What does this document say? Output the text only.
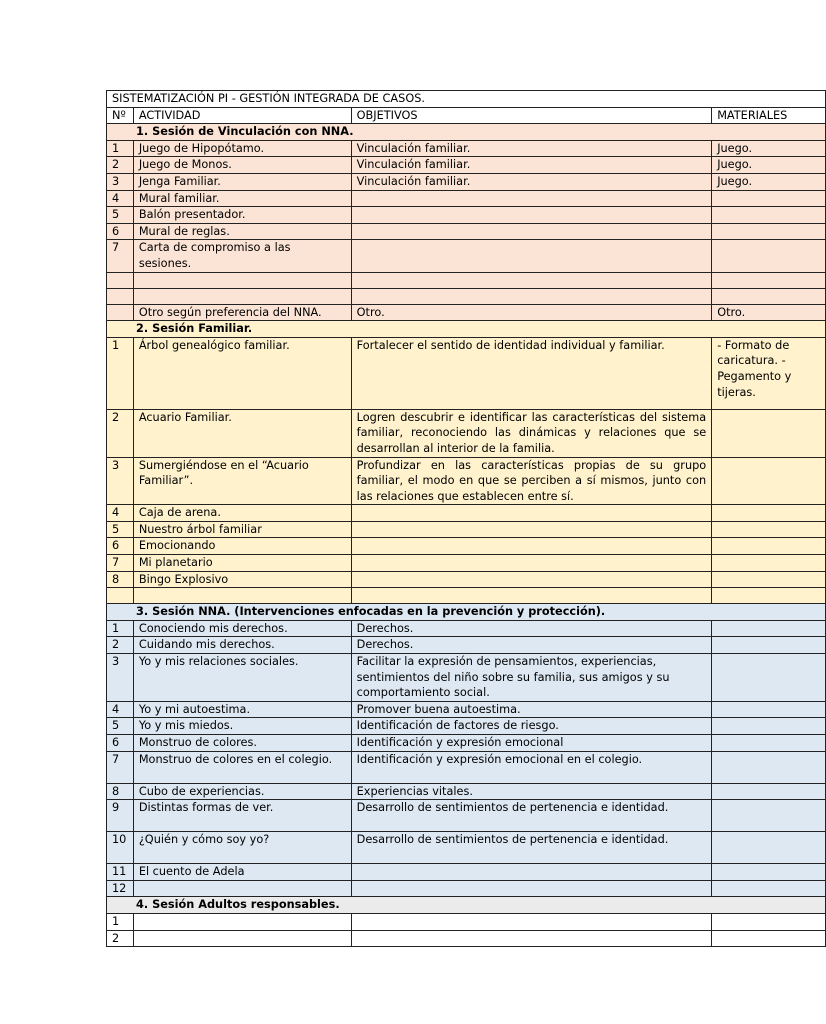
SISTEMATIZACIÓN PI - GESTIÓN INTEGRADA DE CASOS.			
Nº	ACTIVIDAD	OBJETIVOS	MATERIALES
1. Sesión de Vinculación con NNA.			
1	Juego de Hipopótamo.	Vinculación familiar.	Juego.
2	Juego de Monos.	Vinculación familiar.	Juego.
3	Jenga Familiar.	Vinculación familiar.	Juego.
4	Mural familiar.		
5	Balón presentador.		
6	Mural de reglas.		
7	Carta de compromiso a las sesiones.		

	Otro según preferencia del NNA.	Otro.	Otro.
2. Sesión Familiar.			
1	Árbol genealógico familiar.	Fortalecer el sentido de identidad individual y familiar.	- Formato de caricatura. - Pegamento y tijeras.
2	Acuario Familiar.	Logren descubrir e identificar las características del sistema familiar, reconociendo las dinámicas y relaciones que se desarrollan al interior de la familia.	
3	Sumergiéndose en el “Acuario Familiar”.	Profundizar en las características propias de su grupo familiar, el modo en que se perciben a sí mismos, junto con las relaciones que establecen entre sí.	
4	Caja de arena.		
5	Nuestro árbol familiar		
6	Emocionando		
7	Mi planetario		
8	Bingo Explosivo		

3. Sesión NNA. (Intervenciones enfocadas en la prevención y protección).			
1	Conociendo mis derechos.	Derechos.	
2	Cuidando mis derechos.	Derechos.	
3	Yo y mis relaciones sociales.	Facilitar la expresión de pensamientos, experiencias, sentimientos del niño sobre su familia, sus amigos y su comportamiento social.	
4	Yo y mi autoestima.	Promover buena autoestima.	
5	Yo y mis miedos.	Identificación de factores de riesgo.	
6	Monstruo de colores.	Identificación y expresión emocional	
7	Monstruo de colores en el colegio.	Identificación y expresión emocional en el colegio.	
8	Cubo de experiencias.	Experiencias vitales.	
9	Distintas formas de ver.	Desarrollo de sentimientos de pertenencia e identidad.	
10	¿Quién y cómo soy yo?	Desarrollo de sentimientos de pertenencia e identidad.	
11	El cuento de Adela		
12			
4. Sesión Adultos responsables.			
1			
2			
